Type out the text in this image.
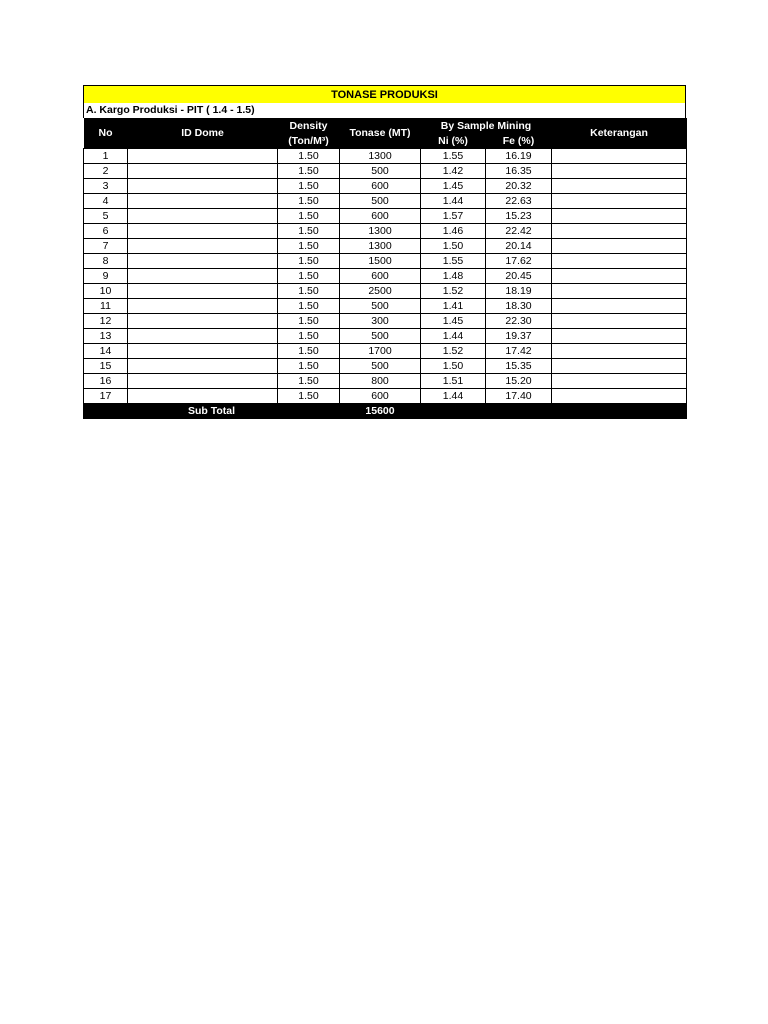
TONASE PRODUKSI
A. Kargo Produksi - PIT ( 1.4 - 1.5)
No	ID Dome	Density	Tonase (MT)	By Sample Mining		Keterangan
		(Ton/M³)		Ni (%)	Fe (%)	
1		1.50	1300	1.55	16.19	
2		1.50	500	1.42	16.35	
3		1.50	600	1.45	20.32	
4		1.50	500	1.44	22.63	
5		1.50	600	1.57	15.23	
6		1.50	1300	1.46	22.42	
7		1.50	1300	1.50	20.14	
8		1.50	1500	1.55	17.62	
9		1.50	600	1.48	20.45	
10		1.50	2500	1.52	18.19	
11		1.50	500	1.41	18.30	
12		1.50	300	1.45	22.30	
13		1.50	500	1.44	19.37	
14		1.50	1700	1.52	17.42	
15		1.50	500	1.50	15.35	
16		1.50	800	1.51	15.20	
17		1.50	600	1.44	17.40	
Sub Total			15600			
